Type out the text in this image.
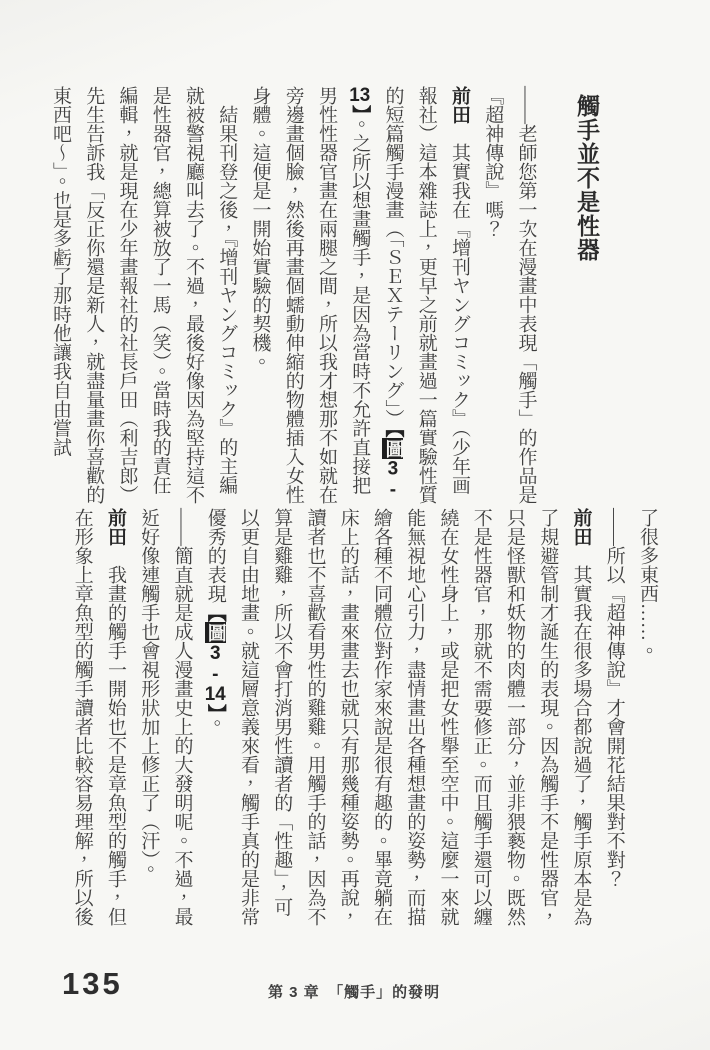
觸手並不是性器

——老師您第一次在漫畫中表現「觸手」的作品是『超神傳說』嗎？

前田　其實我在『增刊ヤングコミック』（少年画報社）這本雜誌上，更早之前就畫過一篇實驗性質的短篇觸手漫畫（「ＳＥＸテーリング」）【圖3-13】。之所以想畫觸手，是因為當時不允許直接把男性性器官畫在兩腿之間，所以我才想那不如就在旁邊畫個臉，然後再畫個蠕動伸縮的物體插入女性身體。這便是一開始實驗的契機。

　結果刊登之後，『增刊ヤングコミック』的主編就被警視廳叫去了。不過，最後好像因為堅持這不是性器官，總算被放了一馬（笑）。當時我的責任編輯，就是現在少年畫報社的社長戶田（利吉郎）先生告訴我「反正你還是新人，就盡量畫你喜歡的東西吧～」。也是多虧了那時他讓我自由嘗試

了很多東西……。

——所以『超神傳說』才會開花結果對不對？

前田　其實我在很多場合都說過了，觸手原本是為了規避管制才誕生的表現。因為觸手不是性器官，只是怪獸和妖物的肉體一部分，並非猥褻物。既然不是性器官，那就不需要修正。而且觸手還可以纏繞在女性身上，或是把女性舉至空中。這麼一來就能無視地心引力，盡情畫出各種想畫的姿勢，而描繪各種不同體位對作家來說是很有趣的。畢竟躺在床上的話，畫來畫去也就只有那幾種姿勢。再說，讀者也不喜歡看男性的雞雞。用觸手的話，因為不算是雞雞，所以不會打消男性讀者的「性趣」，可以更自由地畫。就這層意義來看，觸手真的是非常優秀的表現【圖3-14】。

——簡直就是成人漫畫史上的大發明呢。不過，最近好像連觸手也會視形狀加上修正了（汗）。

前田　我畫的觸手一開始也不是章魚型的觸手，但在形象上章魚型的觸手讀者比較容易理解，所以後

135	第 3 章　「觸手」的發明
